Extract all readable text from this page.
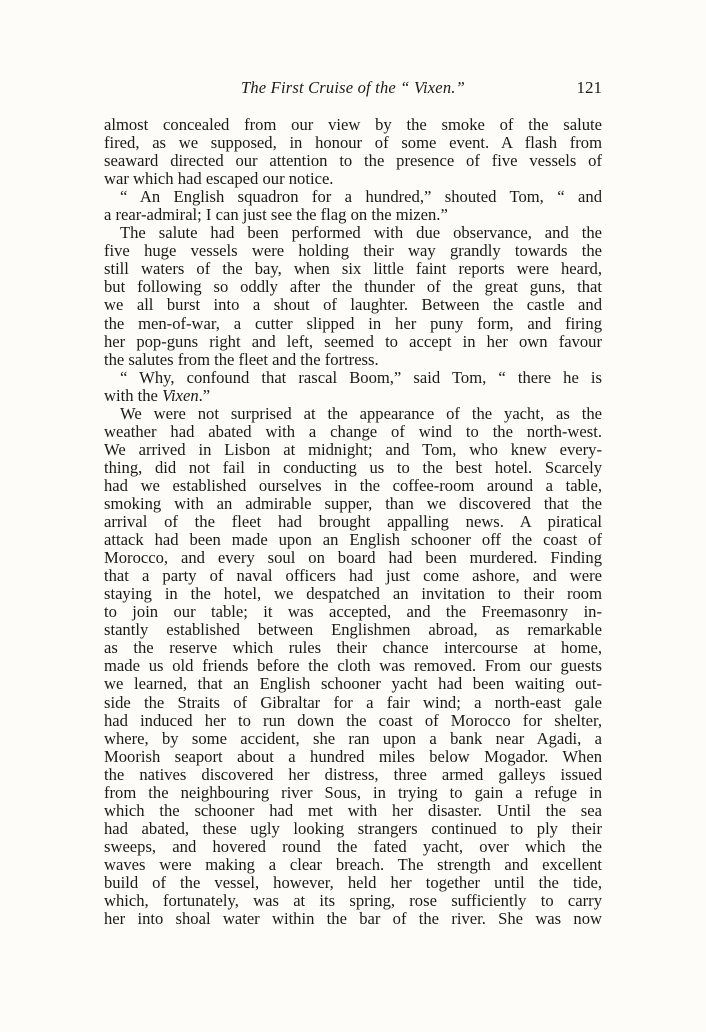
The First Cruise of the “ Vixen.”	121
almost concealed from our view by the smoke of the salute
fired, as we supposed, in honour of some event. A flash from
seaward directed our attention to the presence of five vessels of
war which had escaped our notice.
“ An English squadron for a hundred,” shouted Tom, “ and
a rear-admiral; I can just see the flag on the mizen.”
The salute had been performed with due observance, and the
five huge vessels were holding their way grandly towards the
still waters of the bay, when six little faint reports were heard,
but following so oddly after the thunder of the great guns, that
we all burst into a shout of laughter. Between the castle and
the men-of-war, a cutter slipped in her puny form, and firing
her pop-guns right and left, seemed to accept in her own favour
the salutes from the fleet and the fortress.
“ Why, confound that rascal Boom,” said Tom, “ there he is
with the Vixen.”
We were not surprised at the appearance of the yacht, as the
weather had abated with a change of wind to the north-west.
We arrived in Lisbon at midnight; and Tom, who knew every-
thing, did not fail in conducting us to the best hotel. Scarcely
had we established ourselves in the coffee-room around a table,
smoking with an admirable supper, than we discovered that the
arrival of the fleet had brought appalling news. A piratical
attack had been made upon an English schooner off the coast of
Morocco, and every soul on board had been murdered. Finding
that a party of naval officers had just come ashore, and were
staying in the hotel, we despatched an invitation to their room
to join our table; it was accepted, and the Freemasonry in-
stantly established between Englishmen abroad, as remarkable
as the reserve which rules their chance intercourse at home,
made us old friends before the cloth was removed. From our guests
we learned, that an English schooner yacht had been waiting out-
side the Straits of Gibraltar for a fair wind; a north-east gale
had induced her to run down the coast of Morocco for shelter,
where, by some accident, she ran upon a bank near Agadi, a
Moorish seaport about a hundred miles below Mogador. When
the natives discovered her distress, three armed galleys issued
from the neighbouring river Sous, in trying to gain a refuge in
which the schooner had met with her disaster. Until the sea
had abated, these ugly looking strangers continued to ply their
sweeps, and hovered round the fated yacht, over which the
waves were making a clear breach. The strength and excellent
build of the vessel, however, held her together until the tide,
which, fortunately, was at its spring, rose sufficiently to carry
her into shoal water within the bar of the river. She was now
